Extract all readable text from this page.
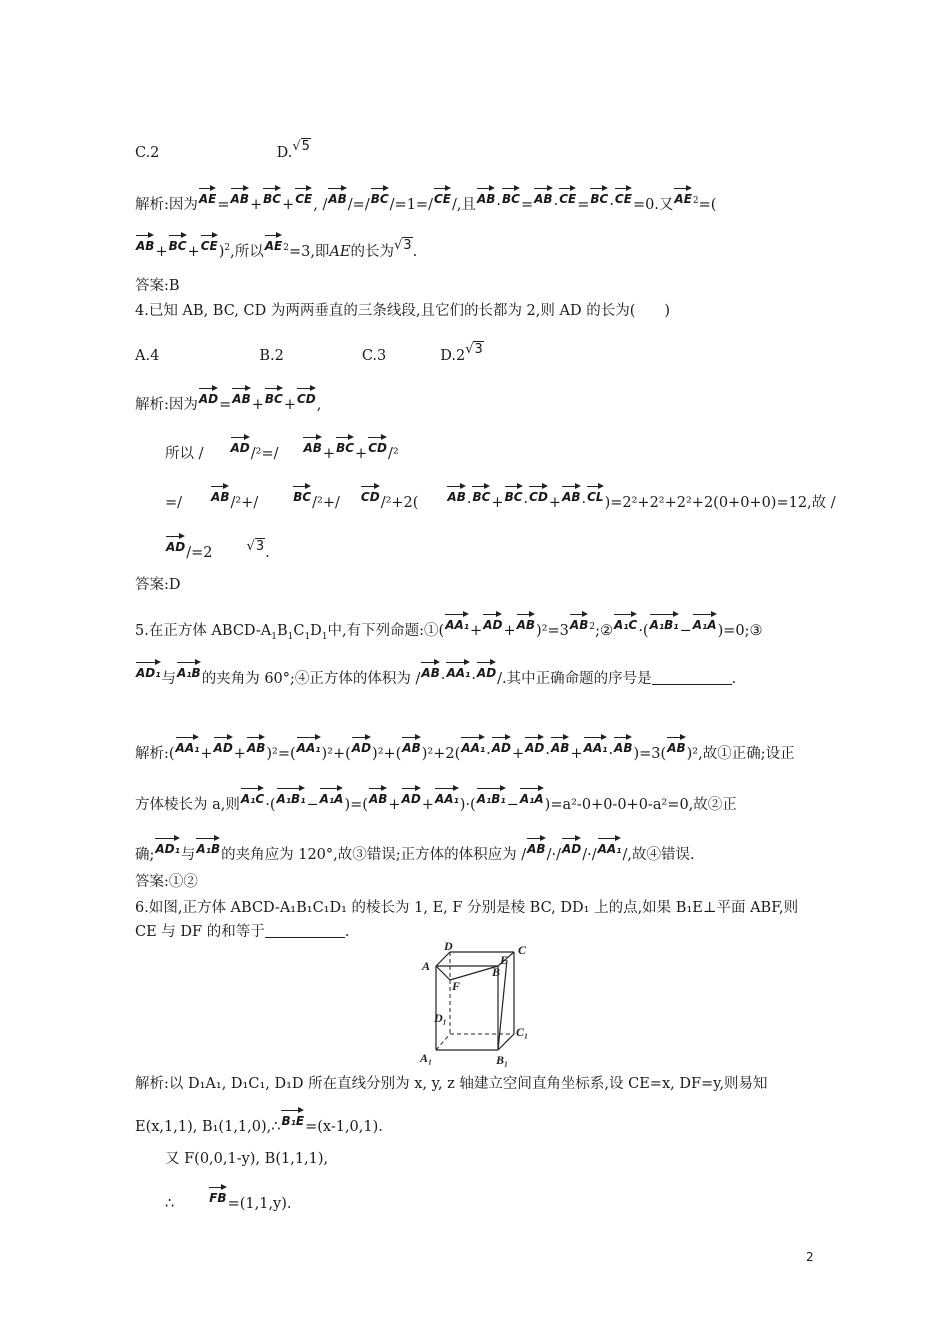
C.2	D.√5
解析:因为AE=AB+BC+CE, /AB/=/BC/=1=/CE/,且AB·BC=AB·CE=BC·CE=0.又$AE^2=$(
AB+BC+CE)$^2$,所以$AE^2=3$,即AE的长为√3.
答案:B
4.已知 AB, BC, CD 为两两垂直的三条线段,且它们的长都为 2,则 AD 的长为(　　)
A.4	B.2	C.3	D.2√3
解析:因为AD=AB+BC+CD,
所以 / AD/²=/ AB+BC+CD/²
=/ AB/²+/	BC/²+/ CD/²+2( AB·BC+BC·CD+AB·CL)=2²+2²+2²+2(0+0+0)=12,故 /
AD/=2	√3.
答案:D
5.在正方体 ABCD-$A_1B_1C_1D_1$中,有下列命题$:①(AA_1+AD+AB)^2=3AB^2;②A_1C\cdot(A_1B_1-A_1A)=0;③$
AD₁与A₁B的夹角为 60°;④正方体的体积为 /AB·AA₁·AD/.其中正确命题的序号是	.
解析:(AA₁+AD+AB)²=(AA₁)²+(AD)²+(AB)²+2(AA₁·AD+AD·AB+AA₁·AB)=3(AB)²,故①正确;设正
方体棱长为 a,则A₁C·(A₁B₁−A₁A)=(AB+AD+AA₁)·(A₁B₁−A₁A)=a²-0+0-0+0-a²=0,故②正
确;AD₁与A₁B的夹角应为 120°,故③错误;正方体的体积应为 /AB/·/AD/·/AA₁/,故④错误.
答案:①②
6.如图,正方体 ABCD-A₁B₁C₁D₁ 的棱长为 1, E, F 分别是棱 BC, DD₁ 上的点,如果 B₁E⊥平面 ABF,则
CE 与 DF 的和等于	.
D	C
E
B
A
F
D₁
C₁
A₁	B₁
解析:以 D₁A₁, D₁C₁, D₁D 所在直线分别为 x, y, z 轴建立空间直角坐标系,设 CE=x, DF=y,则易知
E(x,1,1), B₁(1,1,0),∴B₁E=(x-1,0,1).
又 F(0,0,1-y), B(1,1,1),
∴	FB=(1,1,y).
2
